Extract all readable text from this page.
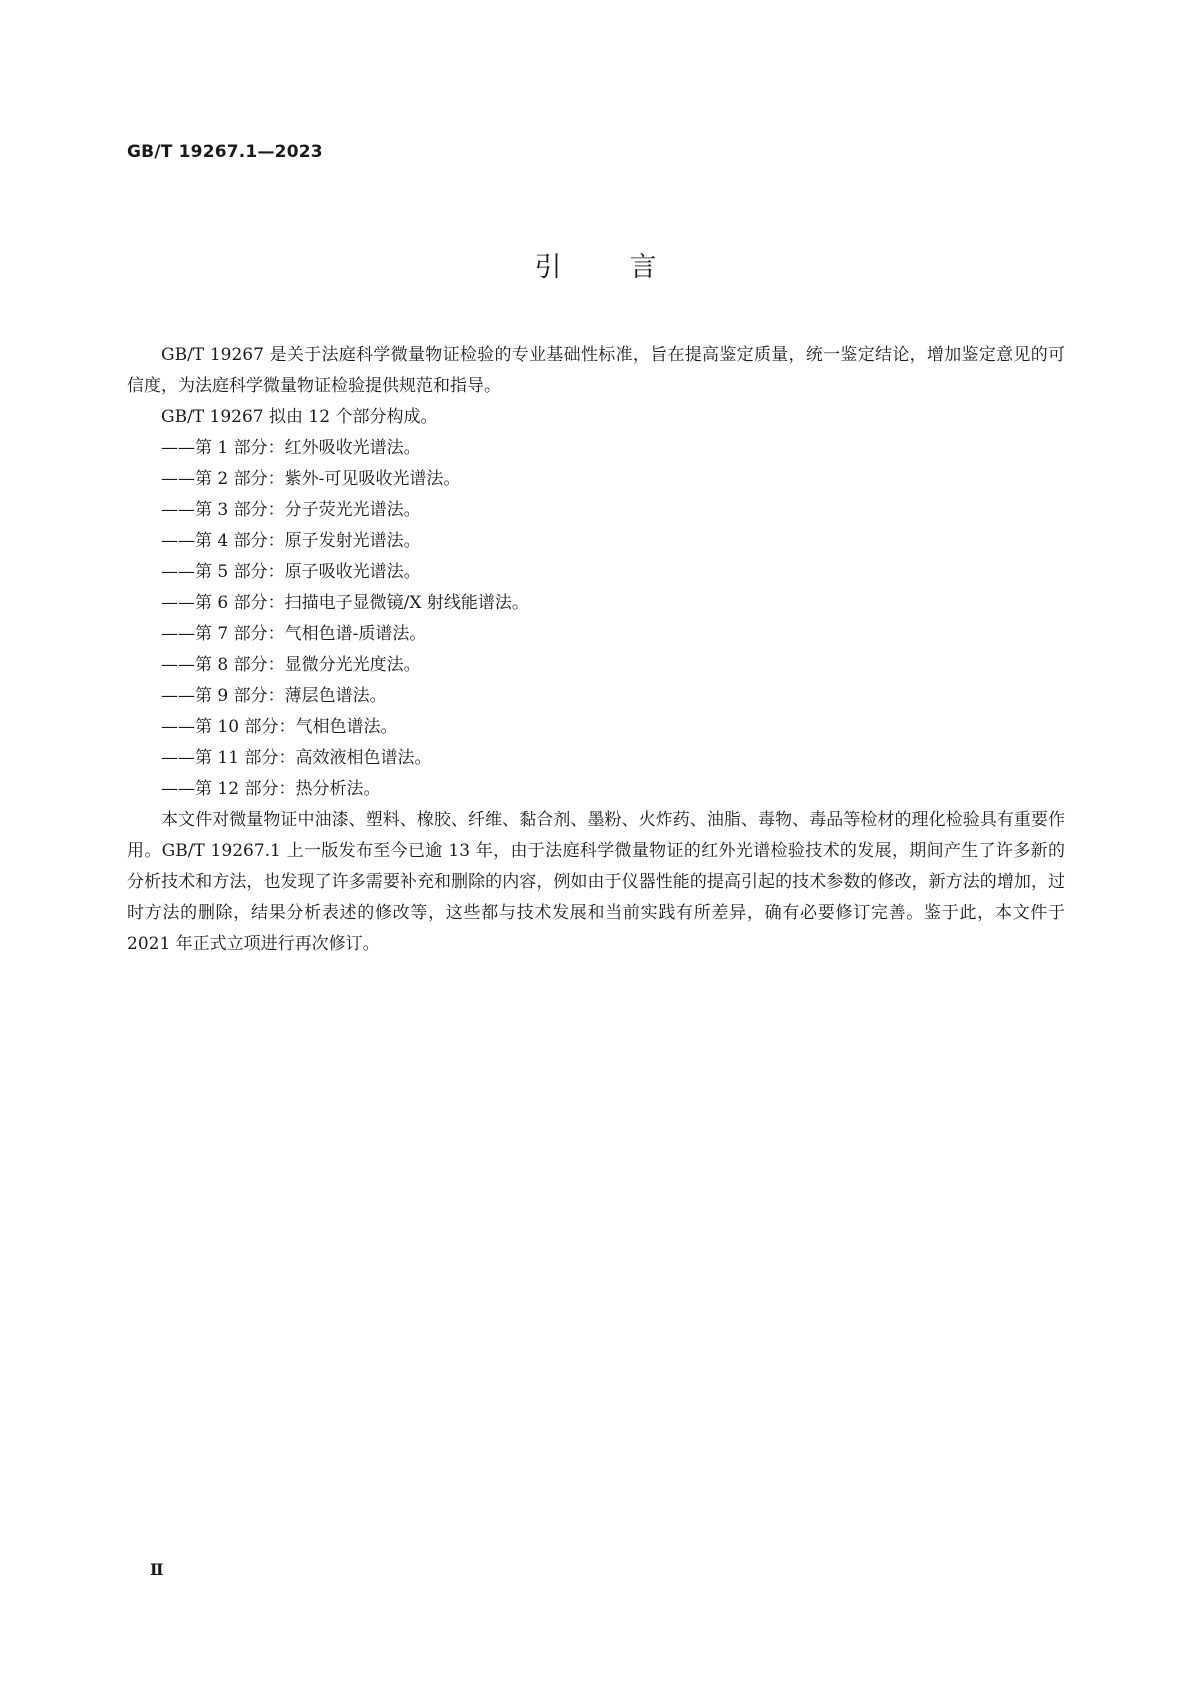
GB/T 19267.1—2023
引言

GB/T 19267 是关于法庭科学微量物证检验的专业基础性标准，旨在提高鉴定质量，统一鉴定结论，增加鉴定意见的可信度，为法庭科学微量物证检验提供规范和指导。

GB/T 19267 拟由 12 个部分构成。

——第 1 部分：红外吸收光谱法。
——第 2 部分：紫外-可见吸收光谱法。
——第 3 部分：分子荧光光谱法。
——第 4 部分：原子发射光谱法。
——第 5 部分：原子吸收光谱法。
——第 6 部分：扫描电子显微镜/X 射线能谱法。
——第 7 部分：气相色谱-质谱法。
——第 8 部分：显微分光光度法。
——第 9 部分：薄层色谱法。
——第 10 部分：气相色谱法。
——第 11 部分：高效液相色谱法。
——第 12 部分：热分析法。

本文件对微量物证中油漆、塑料、橡胶、纤维、黏合剂、墨粉、火炸药、油脂、毒物、毒品等检材的理化检验具有重要作用。GB/T 19267.1 上一版发布至今已逾 13 年，由于法庭科学微量物证的红外光谱检验技术的发展，期间产生了许多新的分析技术和方法，也发现了许多需要补充和删除的内容，例如由于仪器性能的提高引起的技术参数的修改，新方法的增加，过时方法的删除，结果分析表述的修改等，这些都与技术发展和当前实践有所差异，确有必要修订完善。鉴于此，本文件于 2021 年正式立项进行再次修订。

Ⅱ
